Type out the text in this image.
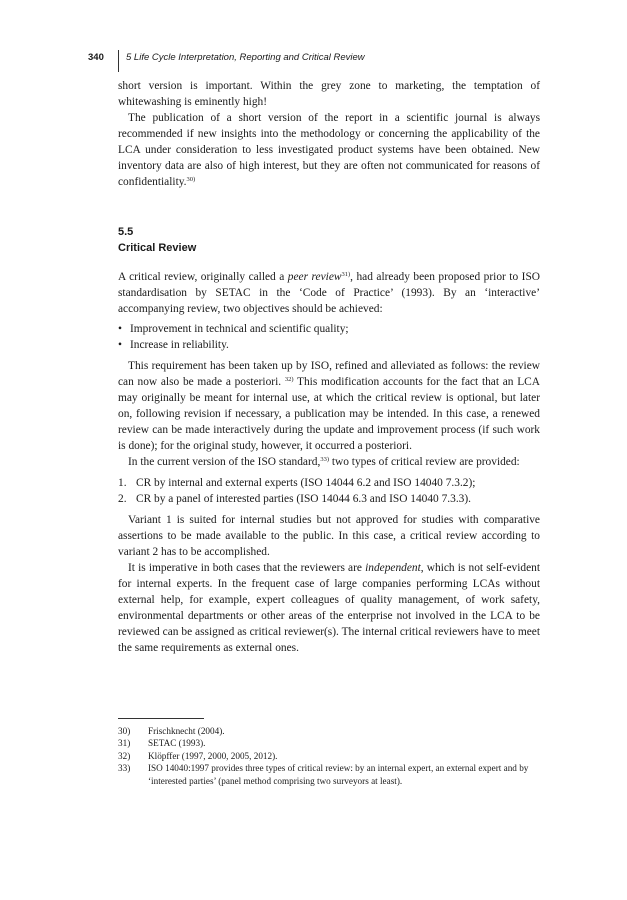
340	5 Life Cycle Interpretation, Reporting and Critical Review

short version is important. Within the grey zone to marketing, the temptation of whitewashing is eminently high!

The publication of a short version of the report in a scientific journal is always recommended if new insights into the methodology or concerning the applicability of the LCA under consideration to less investigated product systems have been obtained. New inventory data are also of high interest, but they are often not communicated for reasons of confidentiality.$^{30)}$

5.5
Critical Review

A critical review, originally called a peer review$^{31)}$, had already been proposed prior to ISO standardisation by SETAC in the ‘Code of Practice’ (1993). By an ‘interactive’ accompanying review, two objectives should be achieved:

• Improvement in technical and scientific quality;
• Increase in reliability.

This requirement has been taken up by ISO, refined and alleviated as follows: the review can now also be made a posteriori. $^{32)}$ This modification accounts for the fact that an LCA may originally be meant for internal use, at which the critical review is optional, but later on, following revision if necessary, a publication may be intended. In this case, a renewed review can be made interactively during the update and improvement process (if such work is done); for the original study, however, it occurred a posteriori.

In the current version of the ISO standard,$^{33)}$ two types of critical review are provided:

1. CR by internal and external experts (ISO 14044 6.2 and ISO 14040 7.3.2);
2. CR by a panel of interested parties (ISO 14044 6.3 and ISO 14040 7.3.3).

Variant 1 is suited for internal studies but not approved for studies with comparative assertions to be made available to the public. In this case, a critical review according to variant 2 has to be accomplished.

It is imperative in both cases that the reviewers are independent, which is not self-evident for internal experts. In the frequent case of large companies performing LCAs without external help, for example, expert colleagues of quality management, of work safety, environmental departments or other areas of the enterprise not involved in the LCA to be reviewed can be assigned as critical reviewer(s). The internal critical reviewers have to meet the same requirements as external ones.

30) Frischknecht (2004).
31) SETAC (1993).
32) Klöpffer (1997, 2000, 2005, 2012).
33) ISO 14040:1997 provides three types of critical review: by an internal expert, an external expert and by ‘interested parties’ (panel method comprising two surveyors at least).
